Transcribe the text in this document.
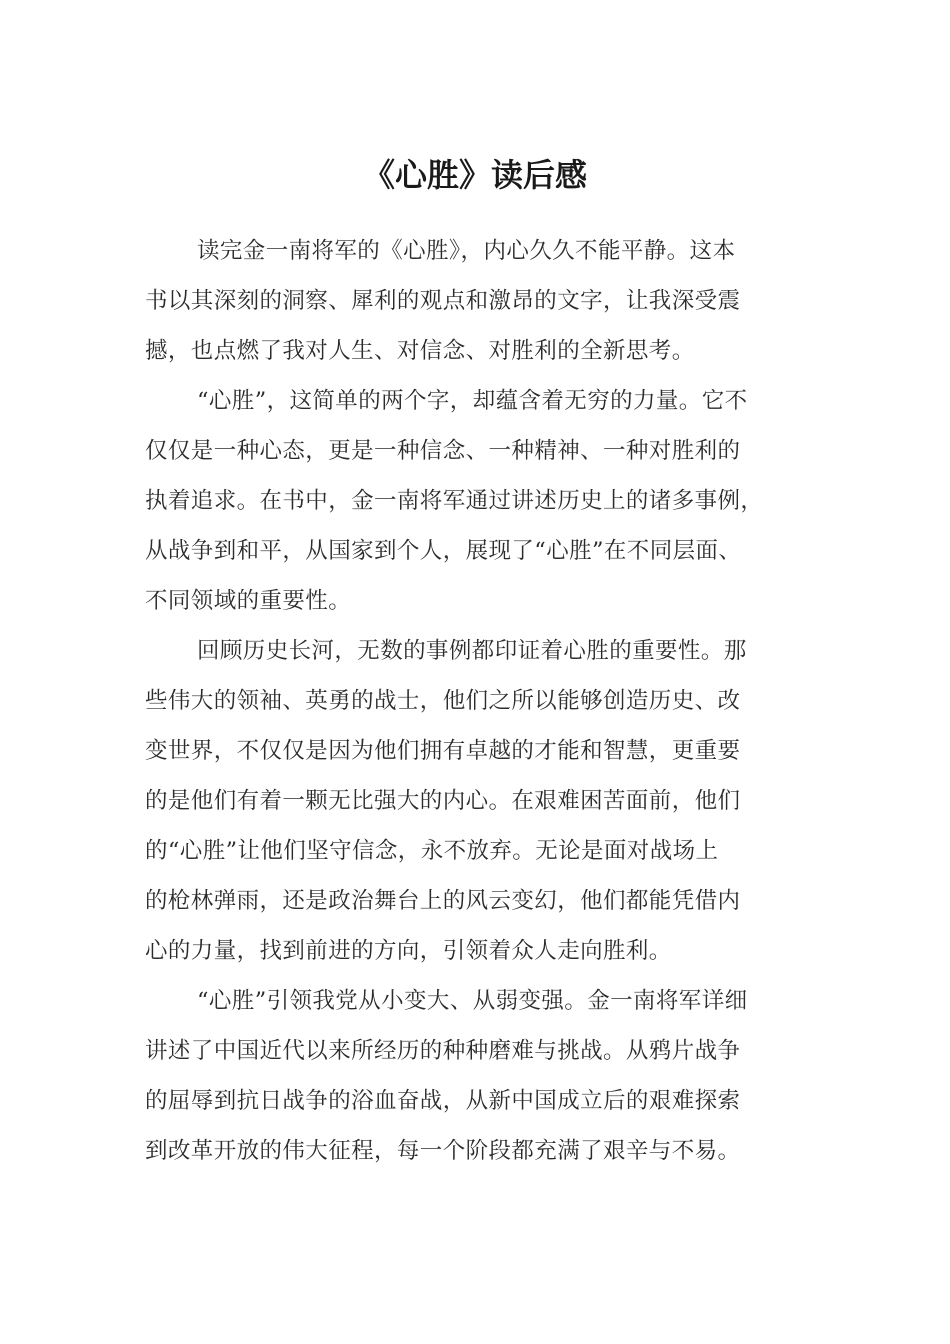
《心胜》读后感

读完金一南将军的《心胜》，内心久久不能平静。这本

书以其深刻的洞察、犀利的观点和激昂的文字，让我深受震

撼，也点燃了我对人生、对信念、对胜利的全新思考。

“心胜”，这简单的两个字，却蕴含着无穷的力量。它不

仅仅是一种心态，更是一种信念、一种精神、一种对胜利的

执着追求。在书中，金一南将军通过讲述历史上的诸多事例，

从战争到和平，从国家到个人，展现了“心胜”在不同层面、

不同领域的重要性。

回顾历史长河，无数的事例都印证着心胜的重要性。那

些伟大的领袖、英勇的战士，他们之所以能够创造历史、改

变世界，不仅仅是因为他们拥有卓越的才能和智慧，更重要

的是他们有着一颗无比强大的内心。在艰难困苦面前，他们

的“心胜”让他们坚守信念，永不放弃。无论是面对战场上

的枪林弹雨，还是政治舞台上的风云变幻，他们都能凭借内

心的力量，找到前进的方向，引领着众人走向胜利。

“心胜”引领我党从小变大、从弱变强。金一南将军详细

讲述了中国近代以来所经历的种种磨难与挑战。从鸦片战争

的屈辱到抗日战争的浴血奋战，从新中国成立后的艰难探索

到改革开放的伟大征程，每一个阶段都充满了艰辛与不易。
